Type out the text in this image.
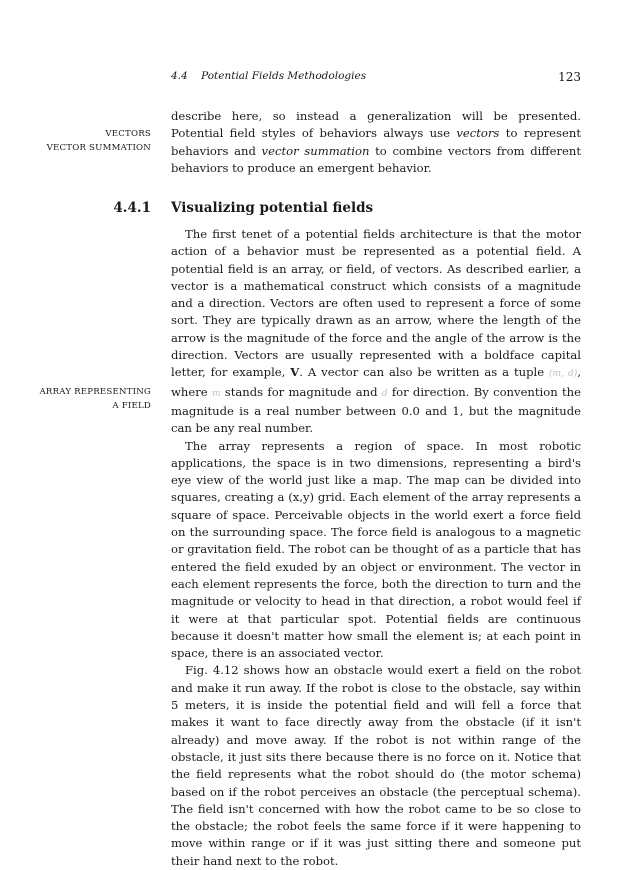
4.4 Potential Fields Methodologies	123
VECTORS
VECTOR SUMMATION

describe here, so instead a generalization will be presented. Potential field styles of behaviors always use vectors to represent behaviors and vector summation to combine vectors from different behaviors to produce an emergent behavior.

4.4.1 Visualizing potential fields

The first tenet of a potential fields architecture is that the motor action of a behavior must be represented as a potential field. A potential field is an array, or field, of vectors. As described earlier, a vector is a mathematical construct which consists of a magnitude and a direction. Vectors are often used to represent a force of some sort. They are typically drawn as an arrow, where the length of the arrow is the magnitude of the force and the angle of the arrow is the direction. Vectors are usually represented with a boldface capital letter, for example, V. A vector can also be written as a tuple (m, d), where m stands for magnitude and d for direction. By convention the magnitude is a real number between 0.0 and 1, but the magnitude can be any real number.

The array represents a region of space. In most robotic applications, the space is in two dimensions, representing a bird's eye view of the world just like a map. The map can be divided into squares, creating a (x,y) grid. Each element of the array represents a square of space. Perceivable objects in the world exert a force field on the surrounding space. The force field is analogous to a magnetic or gravitation field. The robot can be thought of as a particle that has entered the field exuded by an object or environment. The vector in each element represents the force, both the direction to turn and the magnitude or velocity to head in that direction, a robot would feel if it were at that particular spot. Potential fields are continuous because it doesn't matter how small the element is; at each point in space, there is an associated vector.

Fig. 4.12 shows how an obstacle would exert a field on the robot and make it run away. If the robot is close to the obstacle, say within 5 meters, it is inside the potential field and will fell a force that makes it want to face directly away from the obstacle (if it isn't already) and move away. If the robot is not within range of the obstacle, it just sits there because there is no force on it. Notice that the field represents what the robot should do (the motor schema) based on if the robot perceives an obstacle (the perceptual schema). The field isn't concerned with how the robot came to be so close to the obstacle; the robot feels the same force if it were happening to move within range or if it was just sitting there and someone put their hand next to the robot.

ARRAY REPRESENTING
A FIELD
